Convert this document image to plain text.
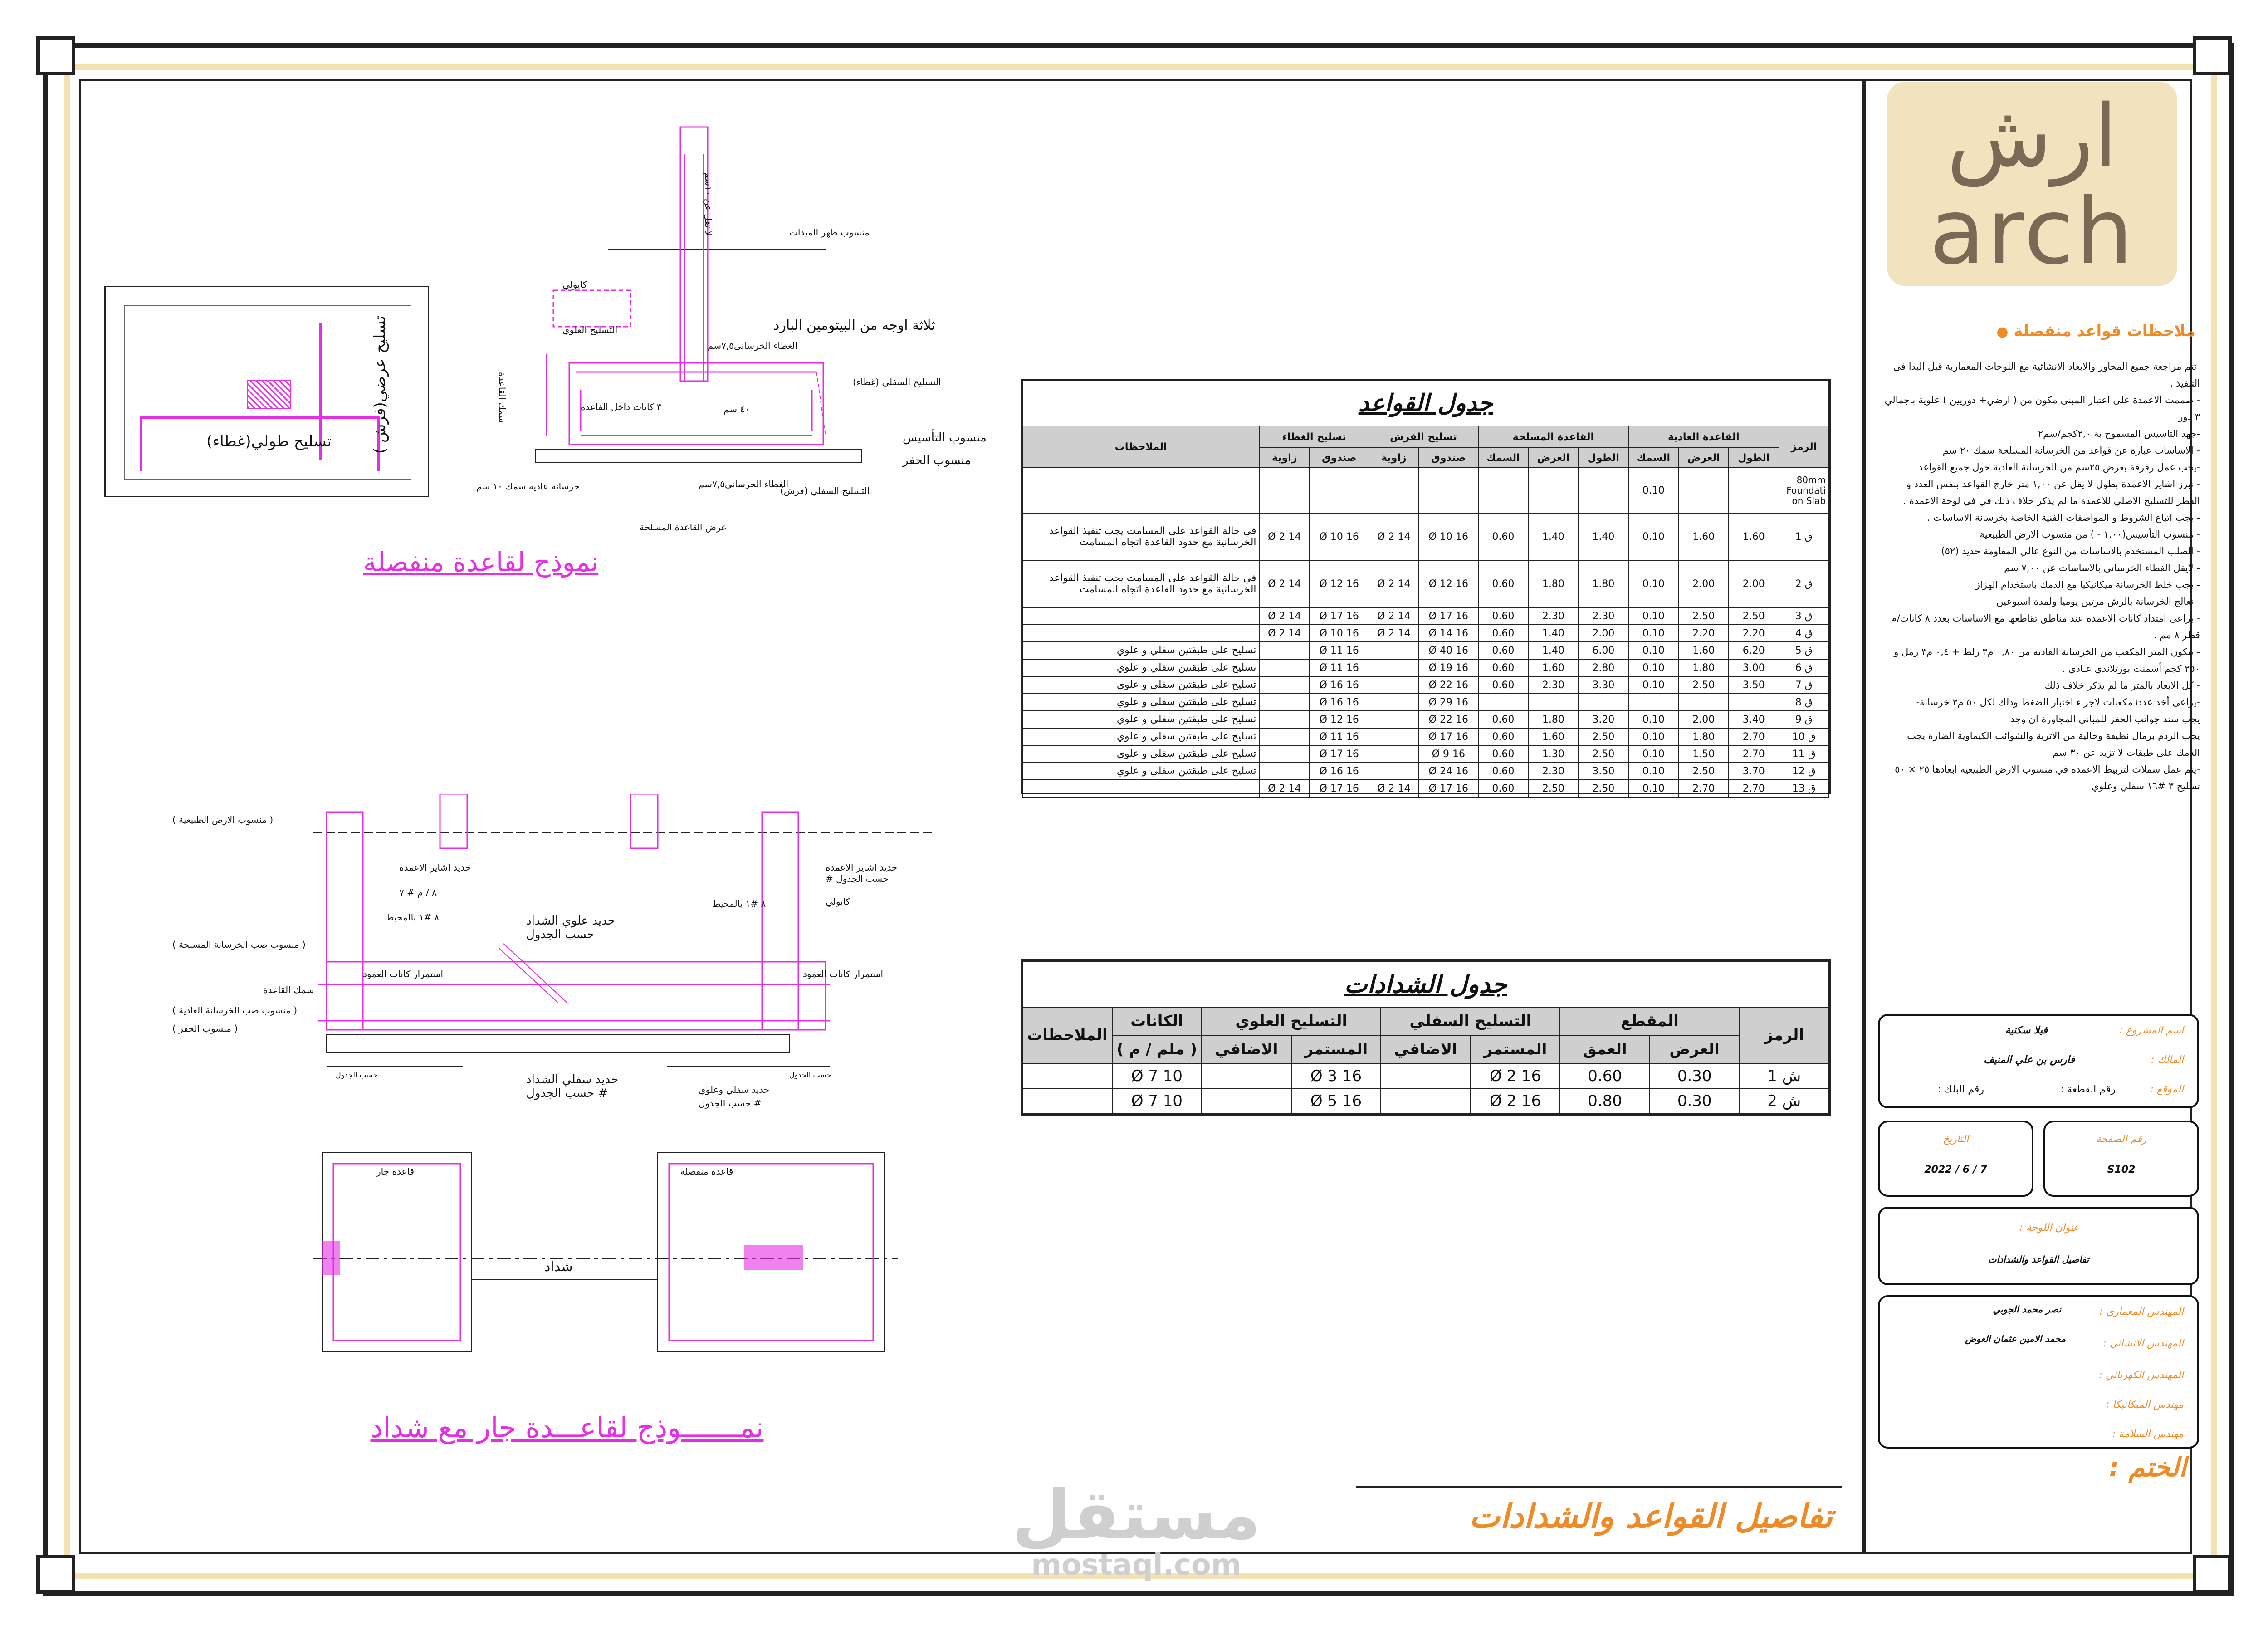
ارش
arch
ملاحظات قواعد منفصلة ●
-تتم مراجعة جميع المحاور والابعاد الانشائية مع اللوحات المعمارية قبل البدا في التنفيذ .
- صممت الاعمدة على اعتبار المبنى مكون من ( ارضي+ دوريين ) علوية باجمالي ٣ دور
-جهد التاسيس المسموح بة ٢,٠كجم/سم٢
- الاساسات عبارة عن قواعد من الخرسانة المسلحة سمك ٢٠ سم
-يجب عمل رفرفة بعرض ٢٥سم من الخرسانة العادية حول جميع القواعد
- تبرز اشاير الاعمدة بطول لا يقل عن ١,٠٠ متر خارج القواعد بنفس العدد و القطر للتسليح الاصلي للاعمدة ما لم يذكر خلاف ذلك في في لوحة الاعمدة .
- يجب اتباع الشروط و المواصفات الفنية الخاصة بخرسانة الاساسات .
- منسوب التأسيس(١,٠٠ - ) من منسوب الارض الطبيعية
- الصلب المستخدم بالاساسات من النوع عالي المقاومة حديد (٥٢)
- لايقل الغطاء الخرساني بالاساسات عن ٧,٠٠ سم
- يجب خلط الخرسانة ميكانيكيا مع الدمك باستخدام الهزاز
- تعالج الخرسانة بالرش مرتين يوميا ولمدة اسبوعين
- يراعى امتداد كانات الاعمده عند مناطق تقاطعها مع الاساسات بعدد ٨ كانات/م قطر ٨ مم .
- يتكون المتر المكعب من الخرسانة العاديه من ٠,٨٠ م٣ زلط + ٠,٤ م٣ رمل و ٢٥٠ كجم أسمنت بورتلاندي عـادي .
- كل الابعاد بالمتر ما لم يذكر خلاف ذلك
-يراعى أخذ عدد٦مكعبات لاجراء اختبار الضغط وذلك لكل ٥٠ م٣ خرسانة-
يجب سند جوانب الحفر للمباني المجاورة ان وجد
يجب الردم برمال نظيفة وخالية من الاتربة والشوائب الكيماوية الضارة يجب الدمك على طبقات لا تزيد عن ٣٠ سم
-يتم عمل سملات لتربيط الاعمدة في منسوب الارض الطبيعية ابعادها ٢٥ × ٥٠ تسليح ٣ #١٦ سفلي وعلوي
اسم المشروع :
فيلا سكنية
المالك :
فارس بن علي المنيف
الموقع :
رقم القطعة :
رقم البلك :
التاريخ
7 / 6 / 2022
رقم الصفحة
S102
عنوان اللوحة :
تفاصيل القواعد والشدادات
المهندس المعماري :
نصر محمد الجوبي
المهندس الانشائي :
محمد الامين عثمان العوض
المهندس الكهربائي :
مهندس الميكانيكا :
مهندس السلامة :
الختم :
تفاصيل القواعد والشدادات
مستقل
mostaql.com
جدول القواعد											
الرمز	القاعدة العادية			القاعدة المسلحة			تسليح الفرش		تسليح الغطاء		الملاحظات
	الطول	العرض	السمك	الطول	العرض	السمك	صندوق	زاوية	صندوق	زاوية	
80mm Foundati on Slab			0.10								
ق 1	1.60	1.60	0.10	1.40	1.40	0.60	16 Ø 10	14 Ø 2	16 Ø 10	14 Ø 2	في حالة القواعد على المسامت يجب تنفيذ القواعد الخرسانية مع حدود القاعدة اتجاه المسامت
ق 2	2.00	2.00	0.10	1.80	1.80	0.60	16 Ø 12	14 Ø 2	16 Ø 12	14 Ø 2	في حالة القواعد على المسامت يجب تنفيذ القواعد الخرسانية مع حدود القاعدة اتجاه المسامت
ق 3	2.50	2.50	0.10	2.30	2.30	0.60	16 Ø 17	14 Ø 2	16 Ø 17	14 Ø 2	
ق 4	2.20	2.20	0.10	2.00	1.40	0.60	16 Ø 14	14 Ø 2	16 Ø 10	14 Ø 2	
ق 5	6.20	1.60	0.10	6.00	1.40	0.60	16 Ø 40		16 Ø 11		تسليح على طبقتين سفلي و علوي
ق 6	3.00	1.80	0.10	2.80	1.60	0.60	16 Ø 19		16 Ø 11		تسليح على طبقتين سفلي و علوي
ق 7	3.50	2.50	0.10	3.30	2.30	0.60	16 Ø 22		16 Ø 16		تسليح على طبقتين سفلي و علوي
ق 8							16 Ø 29		16 Ø 16		تسليح على طبقتين سفلي و علوي
ق 9	3.40	2.00	0.10	3.20	1.80	0.60	16 Ø 22		16 Ø 12		تسليح على طبقتين سفلي و علوي
ق 10	2.70	1.80	0.10	2.50	1.60	0.60	16 Ø 17		16 Ø 11		تسليح على طبقتين سفلي و علوي
ق 11	2.70	1.50	0.10	2.50	1.30	0.60	16 Ø 9		16 Ø 17		تسليح على طبقتين سفلي و علوي
ق 12	3.70	2.50	0.10	3.50	2.30	0.60	16 Ø 24		16 Ø 16		تسليح على طبقتين سفلي و علوي
ق 13	2.70	2.70	0.10	2.50	2.50	0.60	16 Ø 17	14 Ø 2	16 Ø 17	14 Ø 2	
جدول الشدادات								
الرمز	المقطع		التسليح السفلي		التسليح العلوي		الكانات	الملاحظات
	العرض	العمق	المستمر	الاضافي	المستمر	الاضافي	( ملم / م )	
ش 1	0.30	0.60	16 Ø 2		16 Ø 3		10 Ø 7	
ش 2	0.30	0.80	16 Ø 2		16 Ø 5		10 Ø 7	
تسليح طولي(غطاء)	تسليح عرضي(فرش )
منسوب ظهر الميدات
لا تقل عن ١٠سم
ثلاثة اوجه من البيتومين البارد
كابولي
التسليح العلوي
الغطاء الخرسانى٧,٥سم
٣ كانات داخل القاعدة	٤٠ سم
التسليح السفلي (غطاء)
الغطاء الخرسانى٧,٥سم
التسليح السفلي (فرش)
منسوب التأسيس
منسوب الحفر
خرسانة عادية سمك ١٠ سم
عرض القاعدة المسلحة
سمك القاعدة
نموذج لقاعدة منفصلة
( منسوب الارض الطبيعية )
حديد اشاير الاعمدة
٨ / م # ٧
٨ #١ بالمحيط	حديد علوي الشداد
حسب الجدول
( منسوب صب الخرسانة المسلحة )
سمك القاعدة
( منسوب صب الخرسانة العادية )
( منسوب الحفر )
استمرار كانات العمود	استمرار كانات العمود
حديد اشاير الاعمدة
حسب الجدول #
كابولي
٨ #١ بالمحيط
حديد سفلي الشداد
# حسب الجدول	حديد سفلي وعلوي
# حسب الجدول
حسب الجدول	حسب الجدول
قاعدة جار	قاعدة منفصلة
شداد
نمـــــــوذج لقاعـــدة جار مع شداد
